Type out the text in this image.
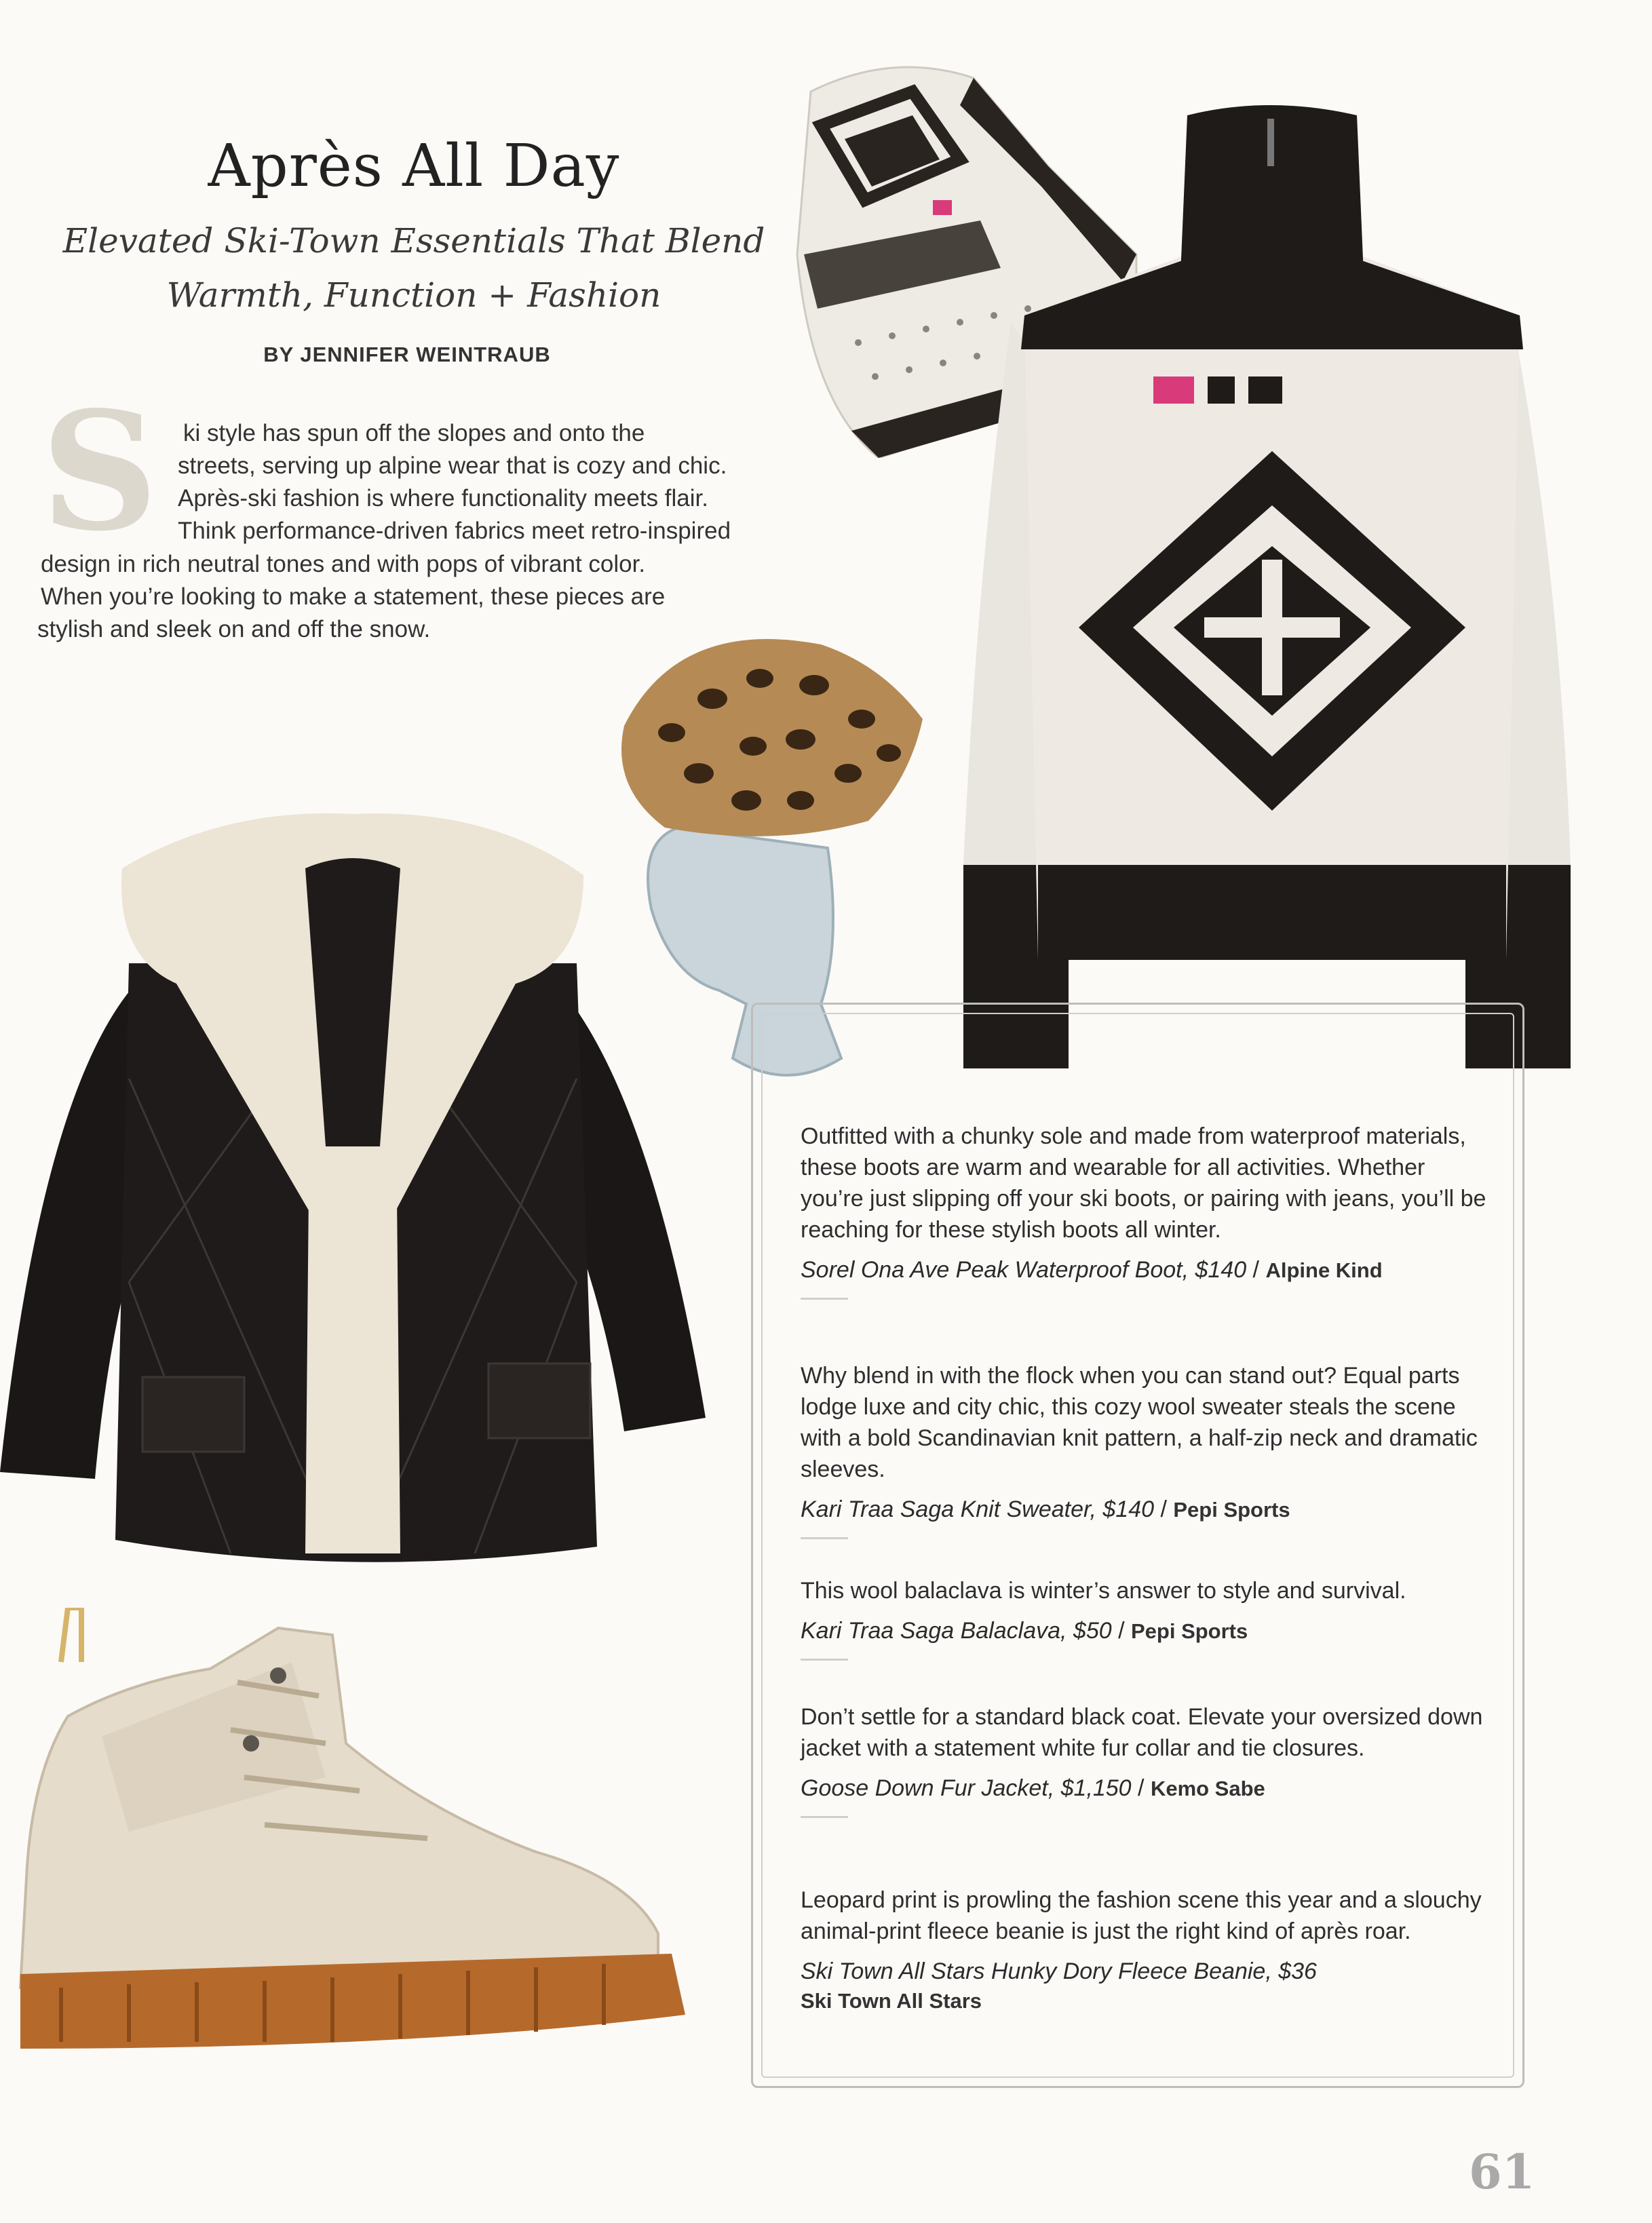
Après All Day
Elevated Ski-Town Essentials That Blend
Warmth, Function + Fashion
BY JENNIFER WEINTRAUB
S ki style has spun off the slopes and onto the
streets, serving up alpine wear that is cozy and chic.
Après-ski fashion is where functionality meets flair.
Think performance-driven fabrics meet retro-inspired
design in rich neutral tones and with pops of vibrant color.
When you’re looking to make a statement, these pieces are
stylish and sleek on and off the snow.
Outfitted with a chunky sole and made from waterproof materials, these boots are warm and wearable for all activities. Whether you’re just slipping off your ski boots, or pairing with jeans, you’ll be reaching for these stylish boots all winter.
Sorel Ona Ave Peak Waterproof Boot, $140 / Alpine Kind
Why blend in with the flock when you can stand out? Equal parts lodge luxe and city chic, this cozy wool sweater steals the scene with a bold Scandinavian knit pattern, a half-zip neck and dramatic sleeves.
Kari Traa Saga Knit Sweater, $140 / Pepi Sports
This wool balaclava is winter’s answer to style and survival.
Kari Traa Saga Balaclava, $50 / Pepi Sports
Don’t settle for a standard black coat. Elevate your oversized down jacket with a statement white fur collar and tie closures.
Goose Down Fur Jacket, $1,150 / Kemo Sabe
Leopard print is prowling the fashion scene this year and a slouchy animal-print fleece beanie is just the right kind of après roar.
Ski Town All Stars Hunky Dory Fleece Beanie, $36
Ski Town All Stars
61
